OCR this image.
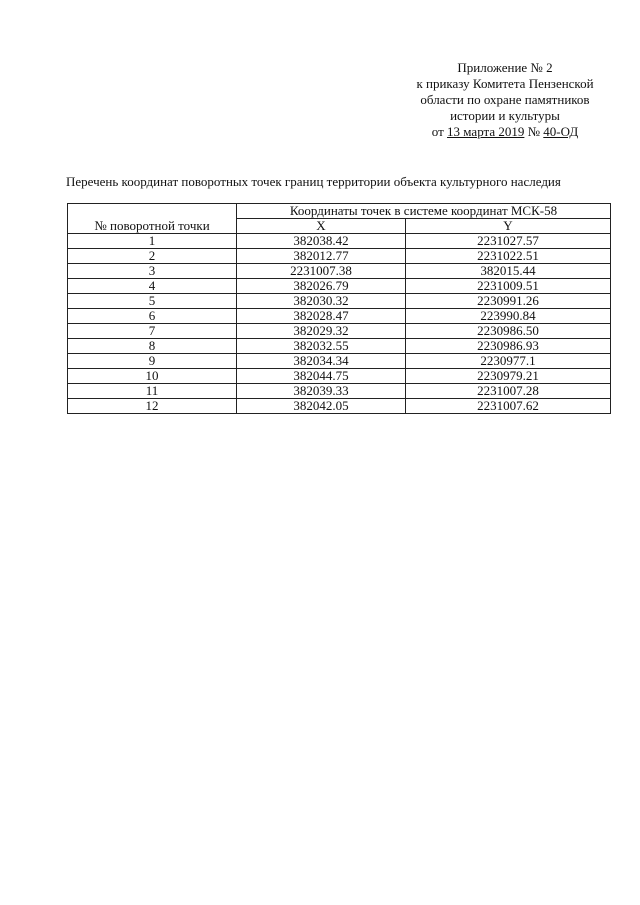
Приложение № 2
к приказу Комитета Пензенской
области по охране памятников
истории и культуры
от 13 марта 2019 № 40-ОД
Перечень координат поворотных точек границ территории объекта культурного наследия
№ поворотной точки	Координаты точек в системе координат МСК-58	
	X	Y
1	382038.42	2231027.57
2	382012.77	2231022.51
3	2231007.38	382015.44
4	382026.79	2231009.51
5	382030.32	2230991.26
6	382028.47	223990.84
7	382029.32	2230986.50
8	382032.55	2230986.93
9	382034.34	2230977.1
10	382044.75	2230979.21
11	382039.33	2231007.28
12	382042.05	2231007.62
